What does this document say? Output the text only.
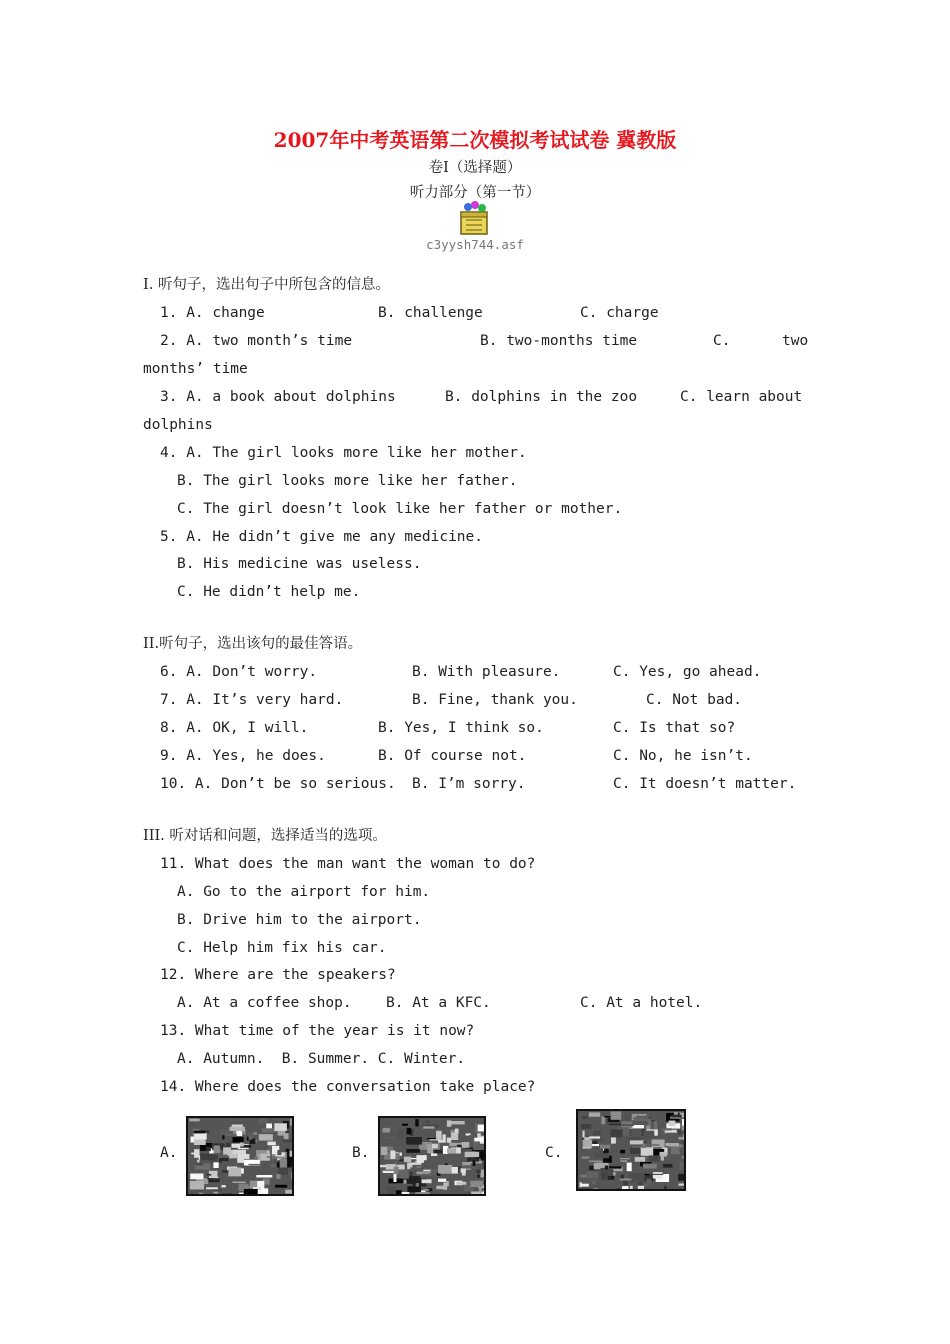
2007年中考英语第二次模拟考试试卷 冀教版
卷Ⅰ（选择题）
听力部分（第一节）
c3yysh744.asf
I. 听句子，选出句子中所包含的信息。
1. A. change	B. challenge	C. charge
2. A. two month’s time	B. two-months time	C.	two
months’ time
3. A. a book about dolphins	B. dolphins in the zoo	C. learn about
dolphins
4. A. The girl looks more like her mother.
B. The girl looks more like her father.
C. The girl doesn’t look like her father or mother.
5. A. He didn’t give me any medicine.
B. His medicine was useless.
C. He didn’t help me.
II.听句子，选出该句的最佳答语。
6. A. Don’t worry.	B. With pleasure.	C. Yes, go ahead.
7. A. It’s very hard.	B. Fine, thank you.	C. Not bad.
8. A. OK, I will.	B. Yes, I think so.	C. Is that so?
9. A. Yes, he does.	B. Of course not.	C. No, he isn’t.
10. A. Don’t be so serious. B. I’m sorry.	C. It doesn’t matter.
III. 听对话和问题，选择适当的选项。
11. What does the man want the woman to do?
A. Go to the airport for him.
B. Drive him to the airport.
C. Help him fix his car.
12. Where are the speakers?
A. At a coffee shop. B. At a KFC.	C. At a hotel.
13. What time of the year is it now?
A. Autumn.  B. Summer. C. Winter.
14. Where does the conversation take place?
A.	B.	C.
